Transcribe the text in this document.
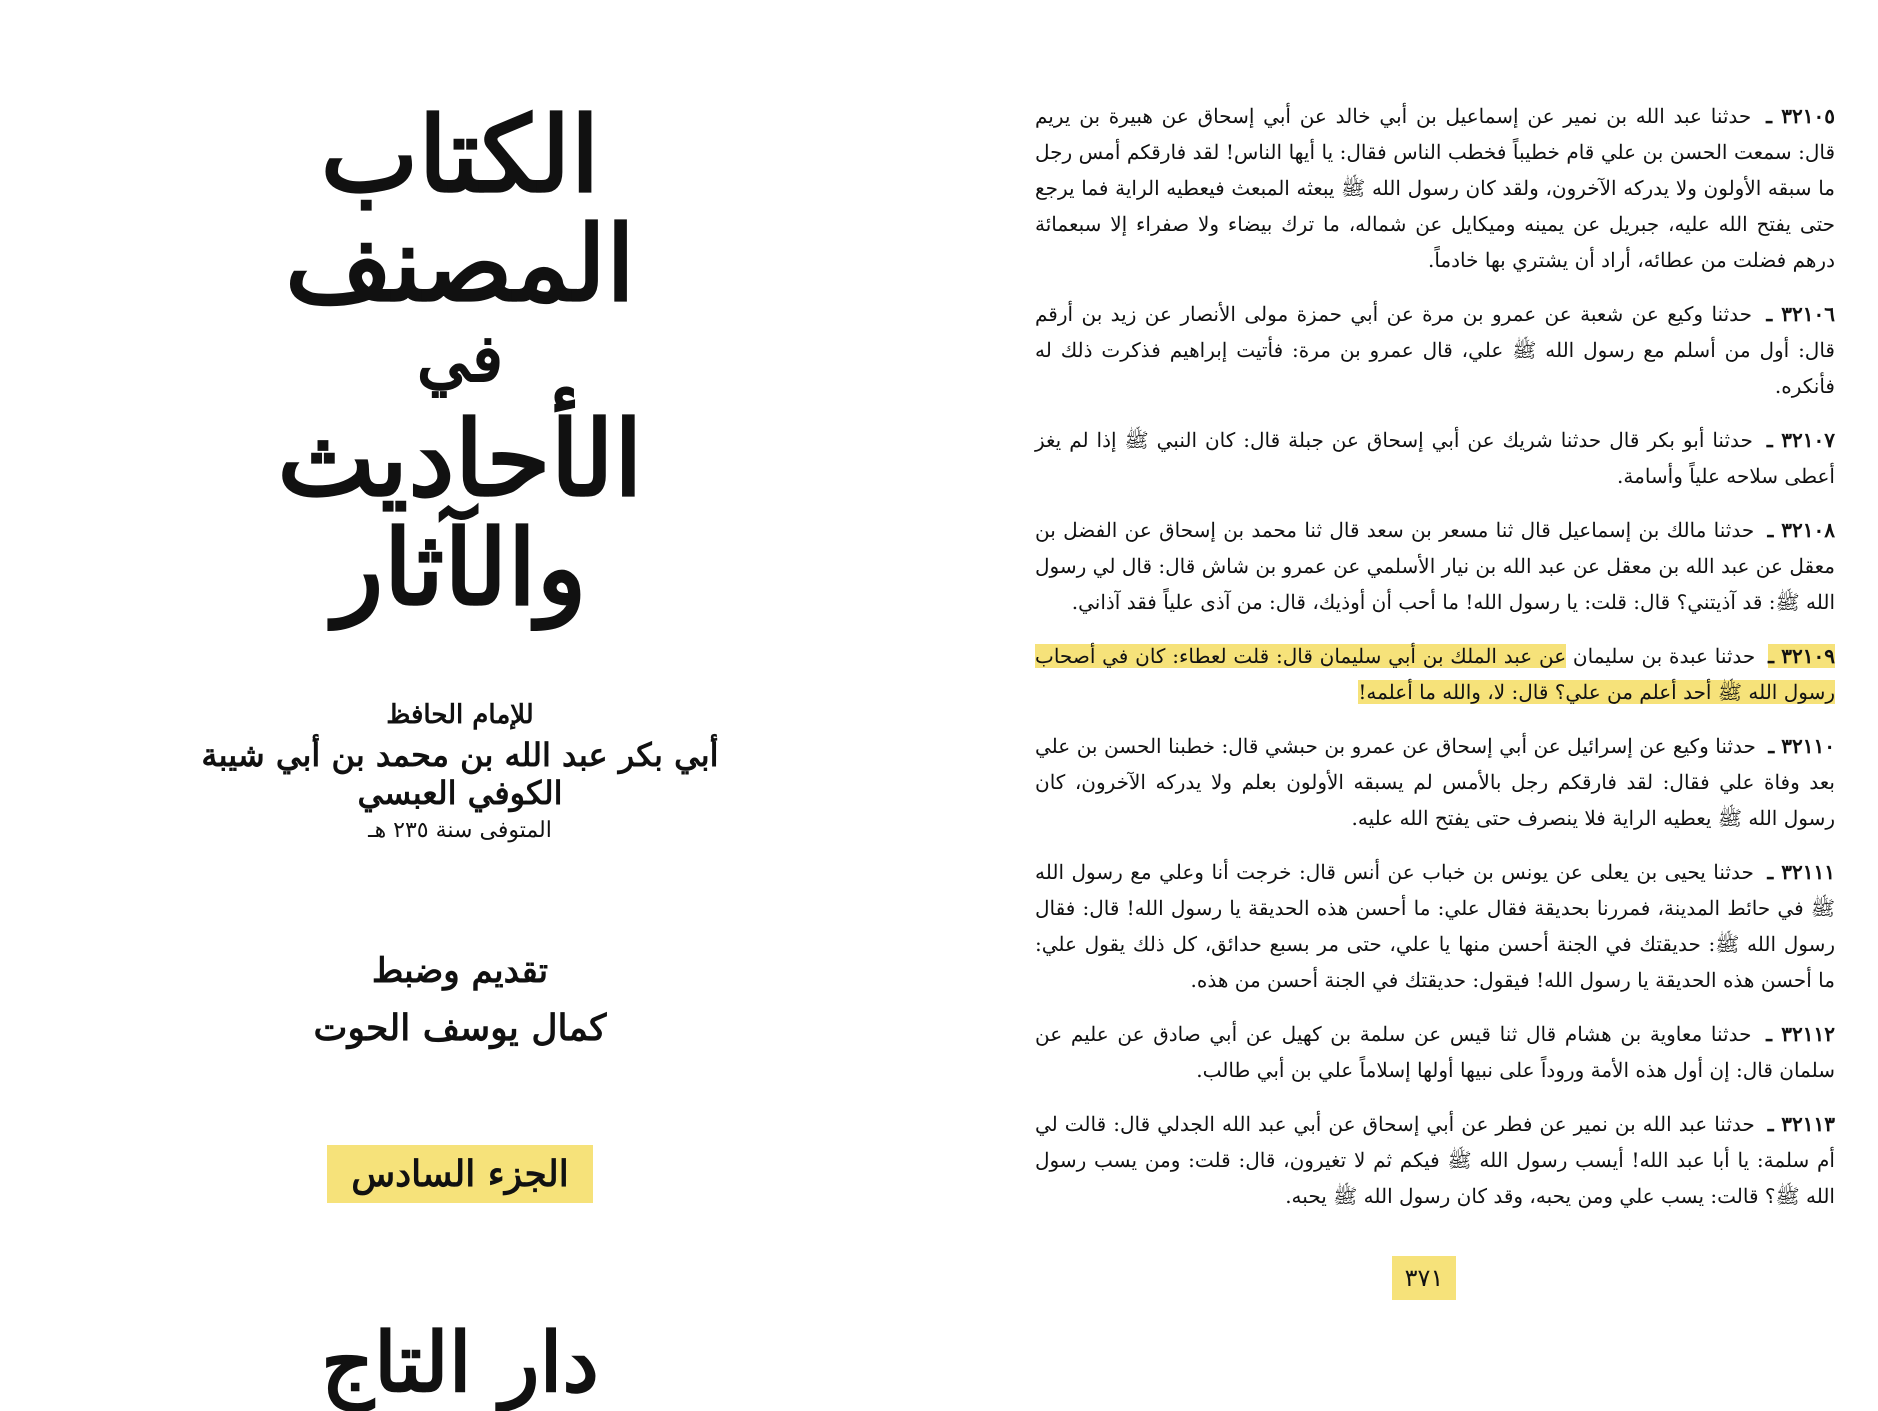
الكتاب المصنف
في
الأحاديث والآثار
للإمام الحافظ
أبي بكر عبد الله بن محمد بن أبي شيبة الكوفي العبسي
المتوفى سنة ٢٣٥ هـ
تقديم وضبط
كمال يوسف الحوت
الجزء السادس
دار التاج

٣٢١٠٥ ـ حدثنا عبد الله بن نمير عن إسماعيل بن أبي خالد عن أبي إسحاق عن هبيرة بن يريم قال: سمعت الحسن بن علي قام خطيباً فخطب الناس فقال: يا أيها الناس! لقد فارقكم أمس رجل ما سبقه الأولون ولا يدركه الآخرون، ولقد كان رسول الله ﷺ يبعثه المبعث فيعطيه الراية فما يرجع حتى يفتح الله عليه، جبريل عن يمينه وميكايل عن شماله، ما ترك بيضاء ولا صفراء إلا سبعمائة درهم فضلت من عطائه، أراد أن يشتري بها خادماً.

٣٢١٠٦ ـ حدثنا وكيع عن شعبة عن عمرو بن مرة عن أبي حمزة مولى الأنصار عن زيد بن أرقم قال: أول من أسلم مع رسول الله ﷺ علي، قال عمرو بن مرة: فأتيت إبراهيم فذكرت ذلك له فأنكره.

٣٢١٠٧ ـ حدثنا أبو بكر قال حدثنا شريك عن أبي إسحاق عن جبلة قال: كان النبي ﷺ إذا لم يغز أعطى سلاحه علياً وأسامة.

٣٢١٠٨ ـ حدثنا مالك بن إسماعيل قال ثنا مسعر بن سعد قال ثنا محمد بن إسحاق عن الفضل بن معقل عن عبد الله بن معقل عن عبد الله بن نيار الأسلمي عن عمرو بن شاش قال: قال لي رسول الله ﷺ: قد آذيتني؟ قال: قلت: يا رسول الله! ما أحب أن أوذيك، قال: من آذى علياً فقد آذاني.

٣٢١٠٩ ـ حدثنا عبدة بن سليمان عن عبد الملك بن أبي سليمان قال: قلت لعطاء: كان في أصحاب رسول الله ﷺ أحد أعلم من علي؟ قال: لا، والله ما أعلمه!

٣٢١١٠ ـ حدثنا وكيع عن إسرائيل عن أبي إسحاق عن عمرو بن حبشي قال: خطبنا الحسن بن علي بعد وفاة علي فقال: لقد فارقكم رجل بالأمس لم يسبقه الأولون بعلم ولا يدركه الآخرون، كان رسول الله ﷺ يعطيه الراية فلا ينصرف حتى يفتح الله عليه.

٣٢١١١ ـ حدثنا يحيى بن يعلى عن يونس بن خباب عن أنس قال: خرجت أنا وعلي مع رسول الله ﷺ في حائط المدينة، فمررنا بحديقة فقال علي: ما أحسن هذه الحديقة يا رسول الله! قال: فقال رسول الله ﷺ: حديقتك في الجنة أحسن منها يا علي، حتى مر بسبع حدائق، كل ذلك يقول علي: ما أحسن هذه الحديقة يا رسول الله! فيقول: حديقتك في الجنة أحسن من هذه.

٣٢١١٢ ـ حدثنا معاوية بن هشام قال ثنا قيس عن سلمة بن كهيل عن أبي صادق عن عليم عن سلمان قال: إن أول هذه الأمة وروداً على نبيها أولها إسلاماً علي بن أبي طالب.

٣٢١١٣ ـ حدثنا عبد الله بن نمير عن فطر عن أبي إسحاق عن أبي عبد الله الجدلي قال: قالت لي أم سلمة: يا أبا عبد الله! أيسب رسول الله ﷺ فيكم ثم لا تغيرون، قال: قلت: ومن يسب رسول الله ﷺ؟ قالت: يسب علي ومن يحبه، وقد كان رسول الله ﷺ يحبه.

٣٧١
